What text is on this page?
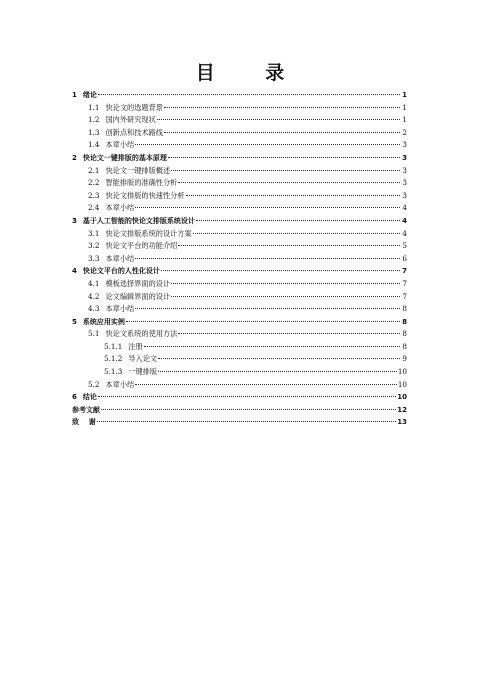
目 录
1 绪论	1
1.1 快论文的选题背景	1
1.2 国内外研究现状	1
1.3 创新点和技术路线	2
1.4 本章小结	3
2 快论文一键排版的基本原理	3
2.1 快论文一键排版概述	3
2.2 智能排版的准确性分析	3
2.3 快论文排版的快速性分析	3
2.4 本章小结	4
3 基于人工智能的快论文排版系统设计	4
3.1 快论文排版系统的设计方案	4
3.2 快论文平台的功能介绍	5
3.3 本章小结	6
4 快论文平台的人性化设计	7
4.1 模板选择界面的设计	7
4.2 论文编辑界面的设计	7
4.3 本章小结	8
5 系统应用实例	8
5.1 快论文系统的使用方法	8
5.1.1 注册	8
5.1.2 导入论文	9
5.1.3 一键排版	10
5.2 本章小结	10
6 结论	10
参考文献	12
致    谢	13
